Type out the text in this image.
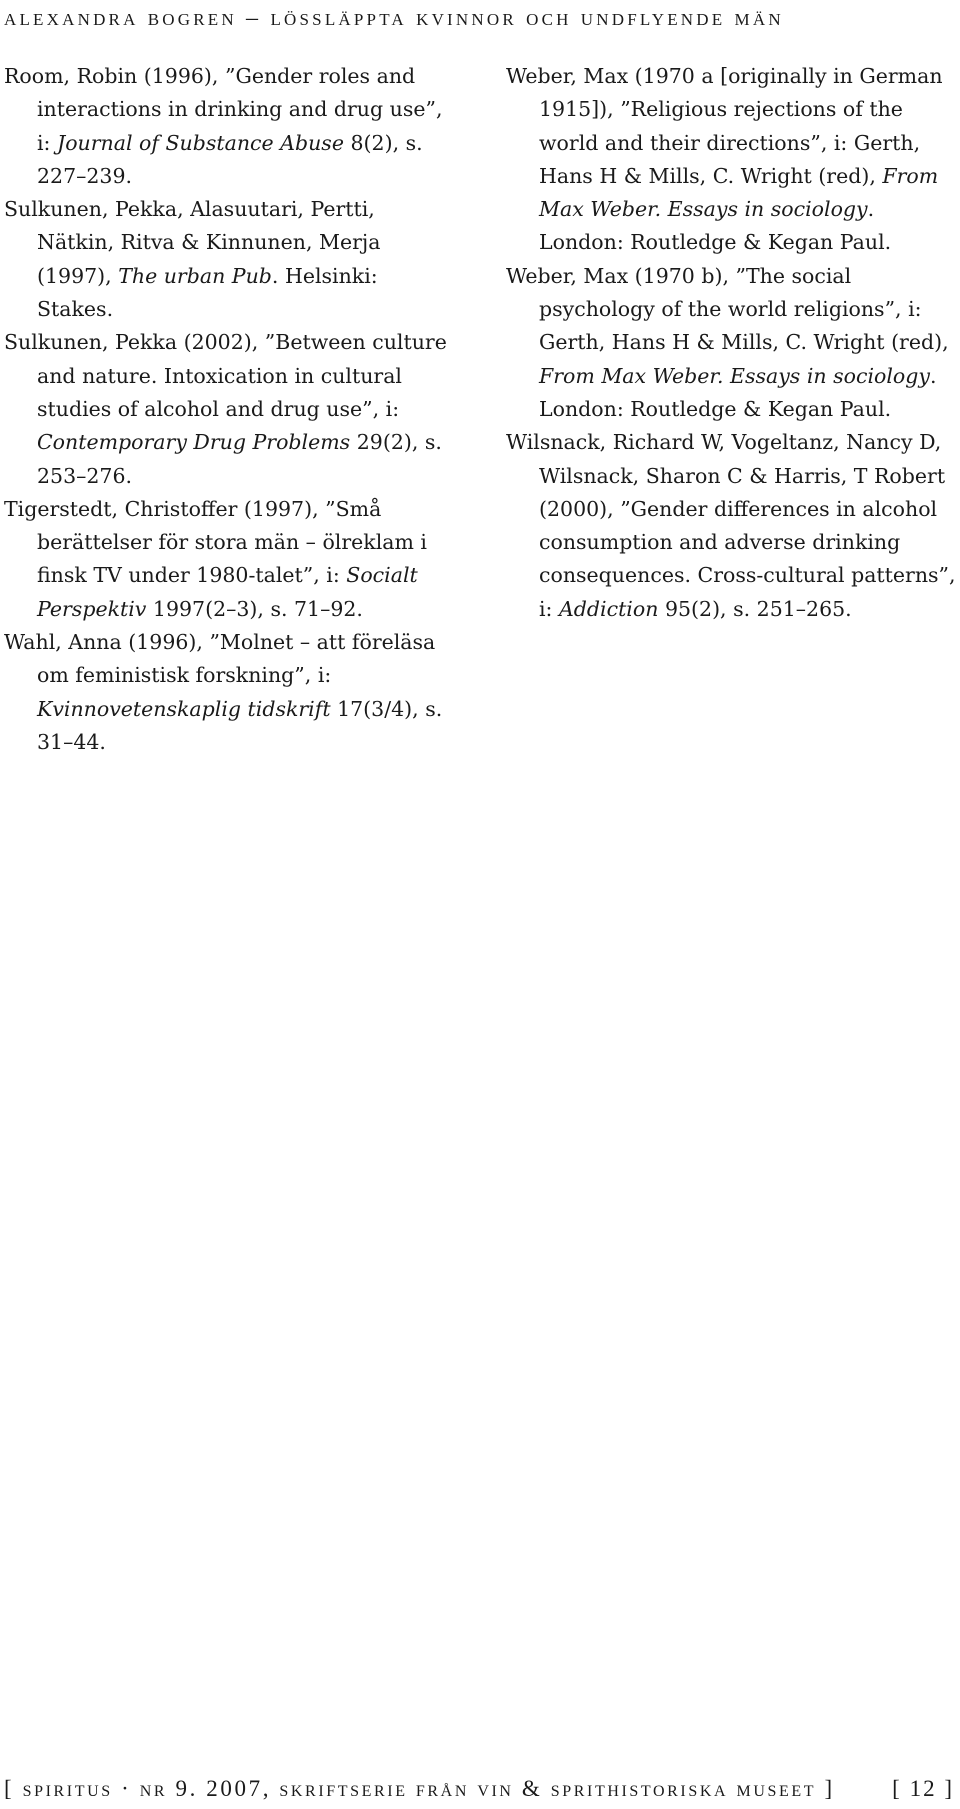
alexandra bogren – lössläppta kvinnor och undflyende män

Room, Robin (1996), ”Gender roles and interactions in drinking and drug use”, i: Journal of Substance Abuse 8(2), s. 227–239.

Sulkunen, Pekka, Alasuutari, Pertti, Nätkin, Ritva & Kinnunen, Merja (1997), The urban Pub. Helsinki: Stakes.

Sulkunen, Pekka (2002), ”Between culture and nature. Intoxication in cultural studies of alcohol and drug use”, i: Contemporary Drug Problems 29(2), s. 253–276.

Tigerstedt, Christoffer (1997), ”Små berättelser för stora män – ölreklam i finsk TV under 1980-talet”, i: Socialt Perspektiv 1997(2–3), s. 71–92.

Wahl, Anna (1996), ”Molnet – att föreläsa om feministisk forskning”, i: Kvinnovetenskaplig tidskrift 17(3/4), s. 31–44.

Weber, Max (1970 a [originally in German 1915]), ”Religious rejections of the world and their directions”, i: Gerth, Hans H & Mills, C. Wright (red), From Max Weber. Essays in sociology. London: Routledge & Kegan Paul.

Weber, Max (1970 b), ”The social psychology of the world religions”, i: Gerth, Hans H & Mills, C. Wright (red), From Max Weber. Essays in sociology. London: Routledge & Kegan Paul.

Wilsnack, Richard W, Vogeltanz, Nancy D, Wilsnack, Sharon C & Harris, T Robert (2000), ”Gender differences in alcohol consumption and adverse drinking consequences. Cross-cultural patterns”, i: Addiction 95(2), s. 251–265.

[ spiritus · nr 9. 2007, skriftserie från vin & sprithistoriska museet ] [ 12 ]
